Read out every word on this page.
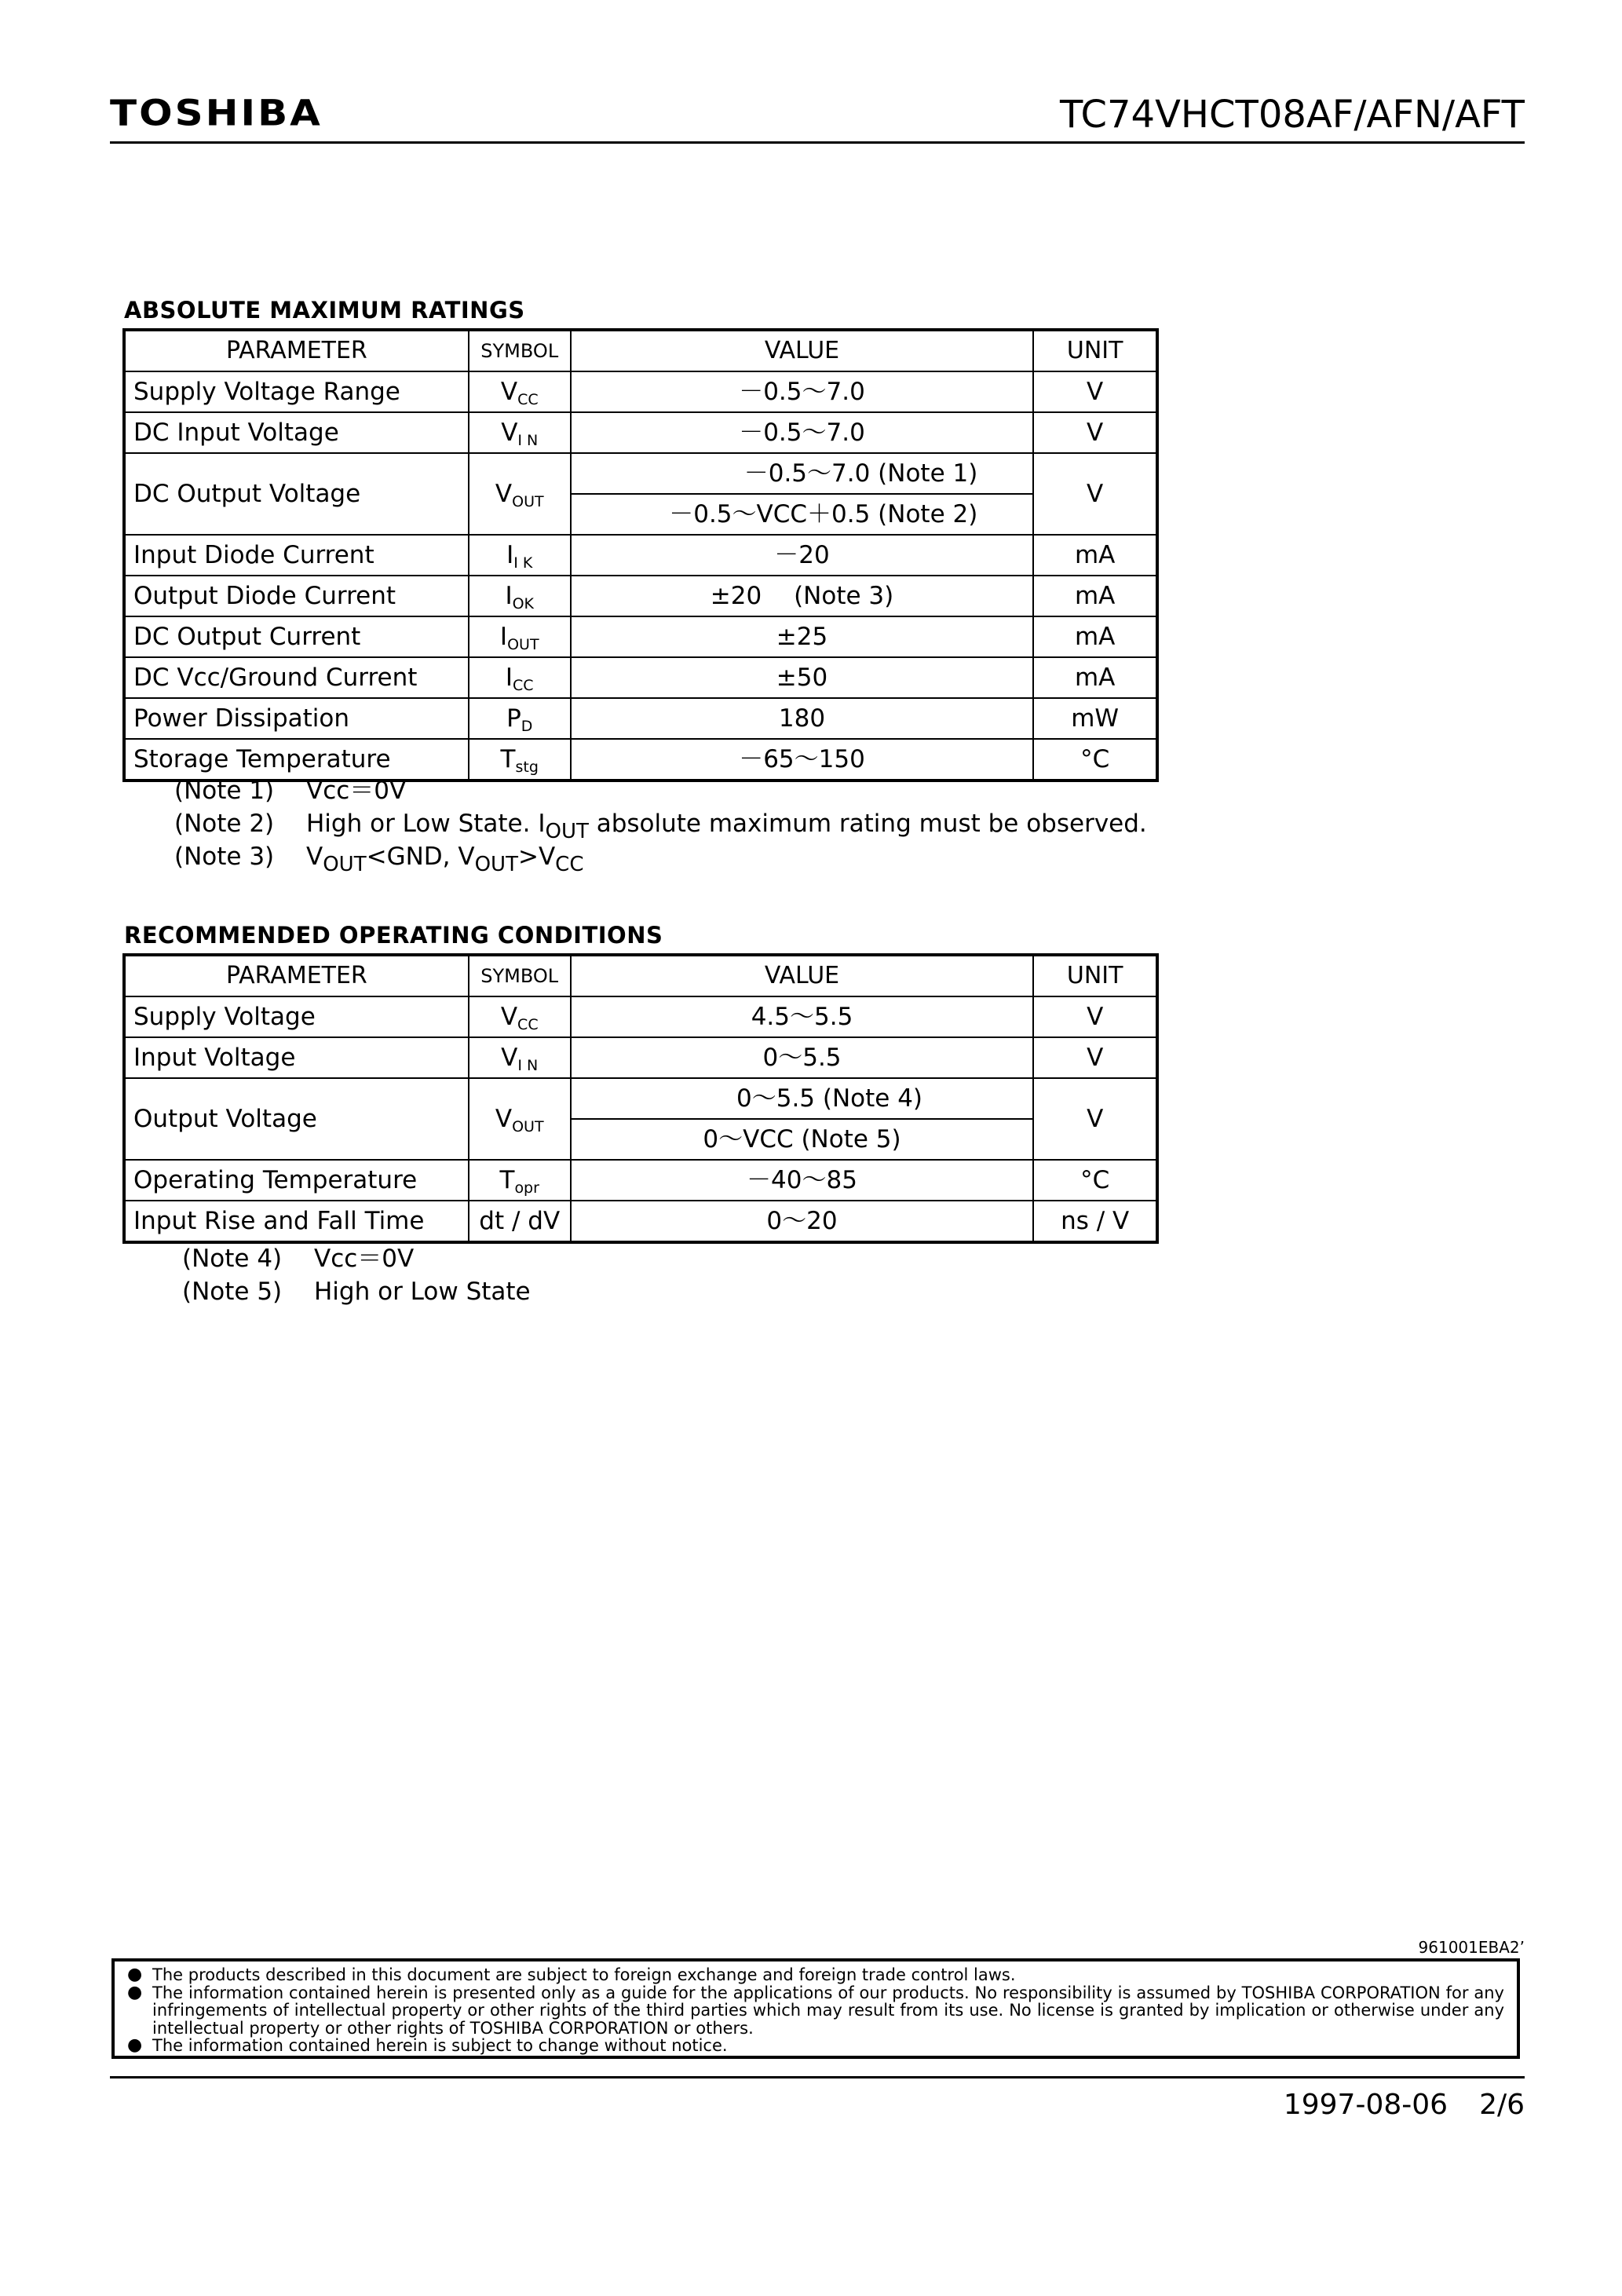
TOSHIBA	TC74VHCT08AF/AFN/AFT
ABSOLUTE MAXIMUM RATINGS
PARAMETER	SYMBOL	VALUE	UNIT
Supply Voltage Range	$V_{CC}$	－0.5～7.0	V
DC Input Voltage	$V_{I N}$	－0.5～7.0	V
DC Output Voltage	$V_{OUT}$	－0.5～7.0 (Note 1)	V
		－0.5～VCC＋0.5 (Note 2)	
Input Diode Current	$I_{I K}$	－20	mA
Output Diode Current	$I_{OK}$	±20　 (Note 3)	mA
DC Output Current	$I_{OUT}$	±25	mA
DC Vcc/Ground Current	$I_{CC}$	±50	mA
Power Dissipation	$P_D$	180	mW
Storage Temperature	$T_{stg}$	－65～150	°C
(Note 1) Vcc＝0V
(Note 2) High or Low State. $I_{OUT}$ absolute maximum rating must be observed.
(Note 3) $V_{OUT}<GND$, $V_{OUT}>V_{CC}$
RECOMMENDED OPERATING CONDITIONS
PARAMETER	SYMBOL	VALUE	UNIT
Supply Voltage	$V_{CC}$	4.5～5.5	V
Input Voltage	$V_{I N}$	0～5.5	V
Output Voltage	$V_{OUT}$	0～5.5 (Note 4)	V
		0～VCC (Note 5)	
Operating Temperature	$T_{opr}$	－40～85	°C
Input Rise and Fall Time	dt / dV	0～20	ns / V
(Note 4) Vcc＝0V
(Note 5) High or Low State
961001EBA2’
● The products described in this document are subject to foreign exchange and foreign trade control laws.
● The information contained herein is presented only as a guide for the applications of our products. No responsibility is assumed by TOSHIBA CORPORATION for any infringements of intellectual property or other rights of the third parties which may result from its use. No license is granted by implication or otherwise under any intellectual property or other rights of TOSHIBA CORPORATION or others.
● The information contained herein is subject to change without notice.
1997-08-06 2/6
